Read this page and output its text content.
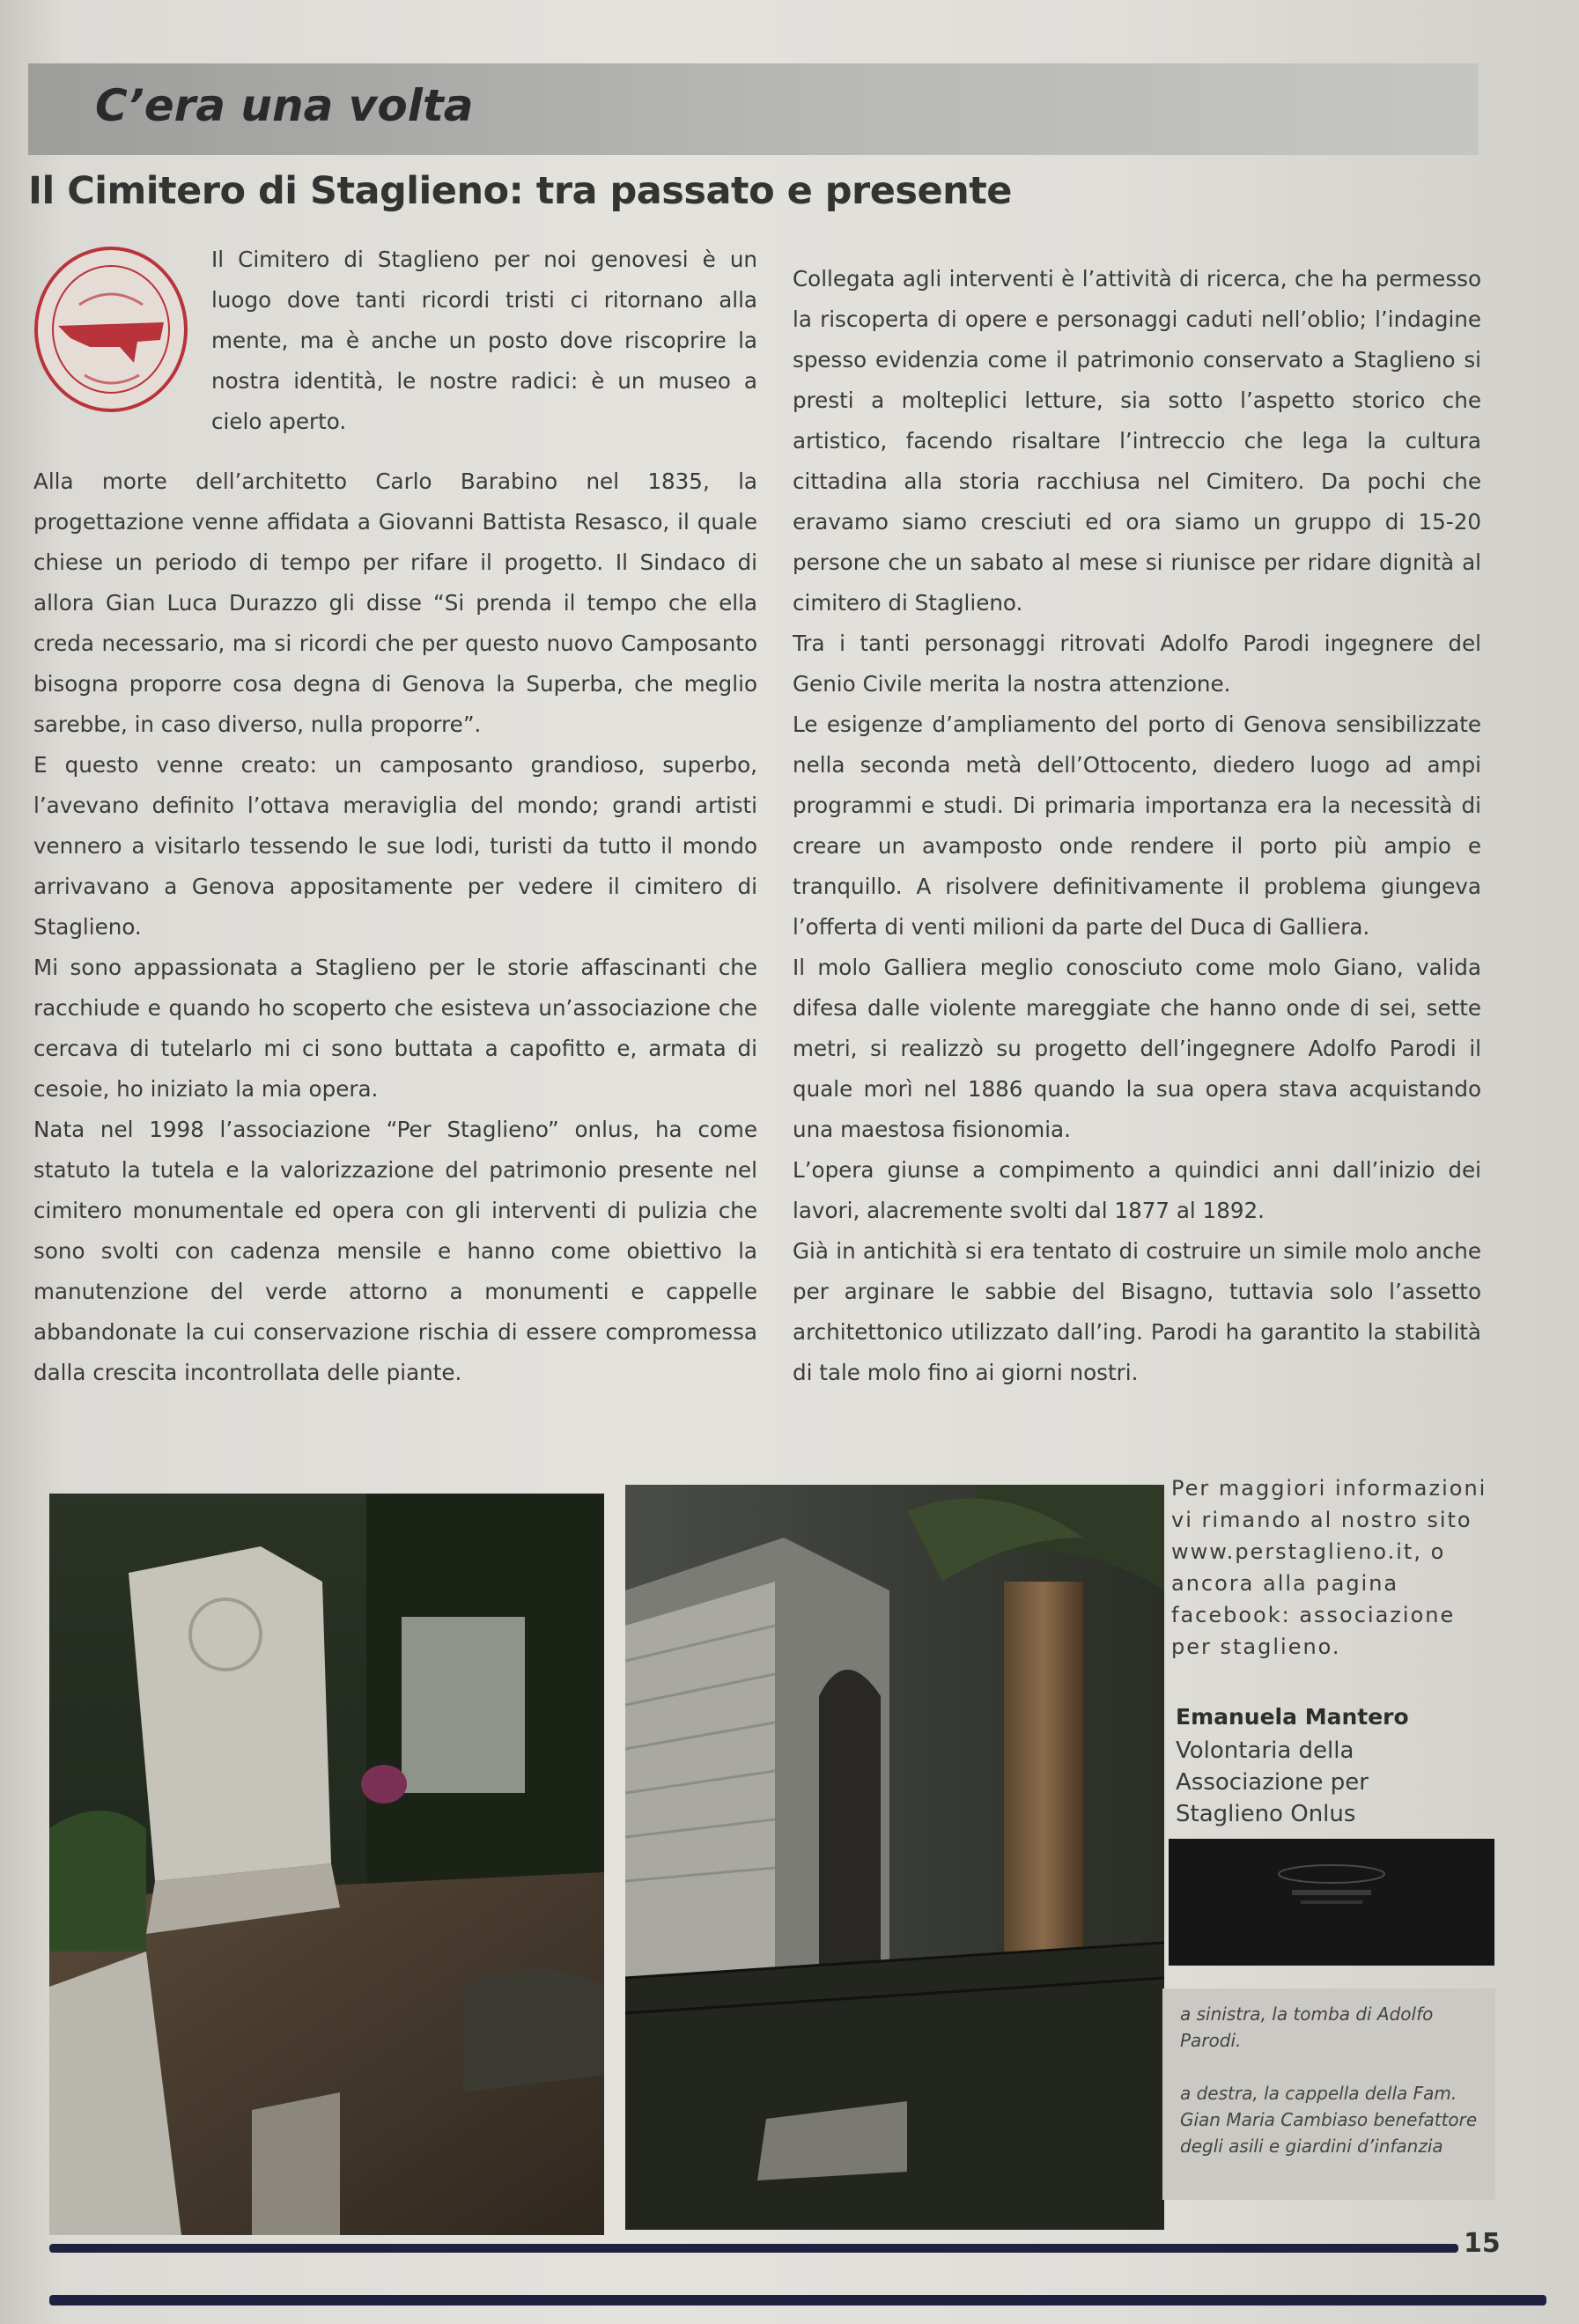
C’era una volta
Il Cimitero di Staglieno: tra passato e presente

Il Cimitero di Staglieno per noi genovesi è un luogo dove tanti ricordi tristi ci ritornano alla mente, ma è anche un posto dove riscoprire la nostra identità, le nostre radici: è un museo a cielo aperto.

Alla morte dell’architetto Carlo Barabino nel 1835, la progettazione venne affidata a Giovanni Battista Resasco, il quale chiese un periodo di tempo per rifare il progetto. Il Sindaco di allora Gian Luca Durazzo gli disse “Si prenda il tempo che ella creda necessario, ma si ricordi che per questo nuovo Camposanto bisogna proporre cosa degna di Genova la Superba, che meglio sarebbe, in caso diverso, nulla proporre”.

E questo venne creato: un camposanto grandioso, superbo, l’avevano definito l’ottava meraviglia del mondo; grandi artisti vennero a visitarlo tessendo le sue lodi, turisti da tutto il mondo arrivavano a Genova appositamente per vedere il cimitero di Staglieno.

Mi sono appassionata a Staglieno per le storie affascinanti che racchiude e quando ho scoperto che esisteva un’associazione che cercava di tutelarlo mi ci sono buttata a capofitto e, armata di cesoie, ho iniziato la mia opera.

Nata nel 1998 l’associazione “Per Staglieno” onlus, ha come statuto la tutela e la valorizzazione del patrimonio presente nel cimitero monumentale ed opera con gli interventi di pulizia che sono svolti con cadenza mensile e hanno come obiettivo la manutenzione del verde attorno a monumenti e cappelle abbandonate la cui conservazione rischia di essere compromessa dalla crescita incontrollata delle piante.

Collegata agli interventi è l’attività di ricerca, che ha permesso la riscoperta di opere e personaggi caduti nell’oblio; l’indagine spesso evidenzia come il patrimonio conservato a Staglieno si presti a molteplici letture, sia sotto l’aspetto storico che artistico, facendo risaltare l’intreccio che lega la cultura cittadina alla storia racchiusa nel Cimitero. Da pochi che eravamo siamo cresciuti ed ora siamo un gruppo di 15-20 persone che un sabato al mese si riunisce per ridare dignità al cimitero di Staglieno.

Tra i tanti personaggi ritrovati Adolfo Parodi ingegnere del Genio Civile merita la nostra attenzione.

Le esigenze d’ampliamento del porto di Genova sensibilizzate nella seconda metà dell’Ottocento, diedero luogo ad ampi programmi e studi. Di primaria importanza era la necessità di creare un avamposto onde rendere il porto più ampio e tranquillo. A risolvere definitivamente il problema giungeva l’offerta di venti milioni da parte del Duca di Galliera.

Il molo Galliera meglio conosciuto come molo Giano, valida difesa dalle violente mareggiate che hanno onde di sei, sette metri, si realizzò su progetto dell’ingegnere Adolfo Parodi il quale morì nel 1886 quando la sua opera stava acquistando una maestosa fisionomia.

L’opera giunse a compimento a quindici anni dall’inizio dei lavori, alacremente svolti dal 1877 al 1892.

Già in antichità si era tentato di costruire un simile molo anche per arginare le sabbie del Bisagno, tuttavia solo l’assetto architettonico utilizzato dall’ing. Parodi ha garantito la stabilità di tale molo fino ai giorni nostri.

Per maggiori informazioni vi rimando al nostro sito www.perstaglieno.it, o ancora alla pagina facebook: associazione per staglieno.
Emanuela Mantero
Volontaria della Associazione per Staglieno Onlus
a sinistra, la tomba di Adolfo Parodi.
a destra, la cappella della Fam. Gian Maria Cambiaso benefattore degli asili e giardini d’infanzia
15
